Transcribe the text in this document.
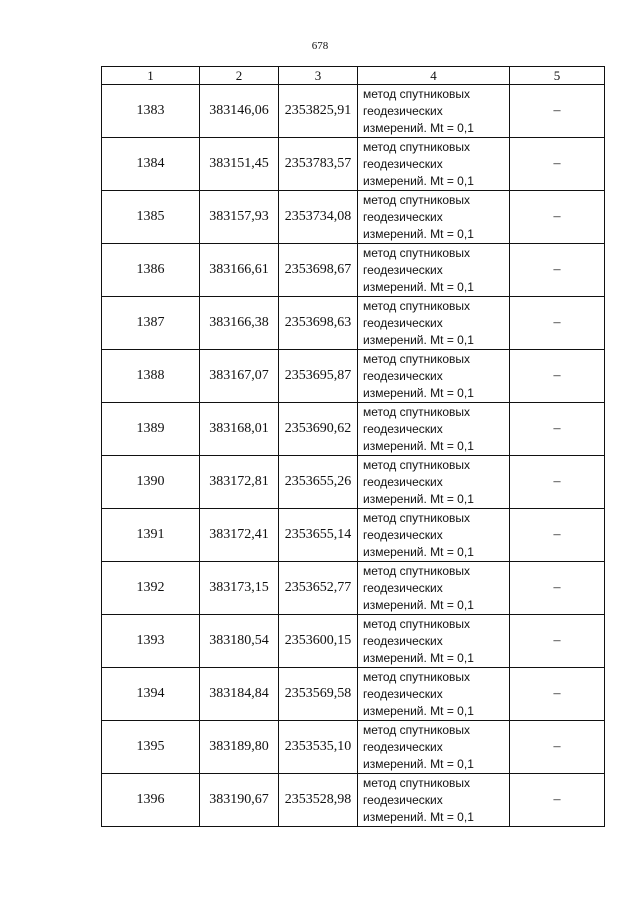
678
1	2	3	4	5
1383	383146,06	2353825,91	метод спутниковых
геодезических
измерений. Mt = 0,1	–
1384	383151,45	2353783,57	метод спутниковых
геодезических
измерений. Mt = 0,1	–
1385	383157,93	2353734,08	метод спутниковых
геодезических
измерений. Mt = 0,1	–
1386	383166,61	2353698,67	метод спутниковых
геодезических
измерений. Mt = 0,1	–
1387	383166,38	2353698,63	метод спутниковых
геодезических
измерений. Mt = 0,1	–
1388	383167,07	2353695,87	метод спутниковых
геодезических
измерений. Mt = 0,1	–
1389	383168,01	2353690,62	метод спутниковых
геодезических
измерений. Mt = 0,1	–
1390	383172,81	2353655,26	метод спутниковых
геодезических
измерений. Mt = 0,1	–
1391	383172,41	2353655,14	метод спутниковых
геодезических
измерений. Mt = 0,1	–
1392	383173,15	2353652,77	метод спутниковых
геодезических
измерений. Mt = 0,1	–
1393	383180,54	2353600,15	метод спутниковых
геодезических
измерений. Mt = 0,1	–
1394	383184,84	2353569,58	метод спутниковых
геодезических
измерений. Mt = 0,1	–
1395	383189,80	2353535,10	метод спутниковых
геодезических
измерений. Mt = 0,1	–
1396	383190,67	2353528,98	метод спутниковых
геодезических
измерений. Mt = 0,1	–
